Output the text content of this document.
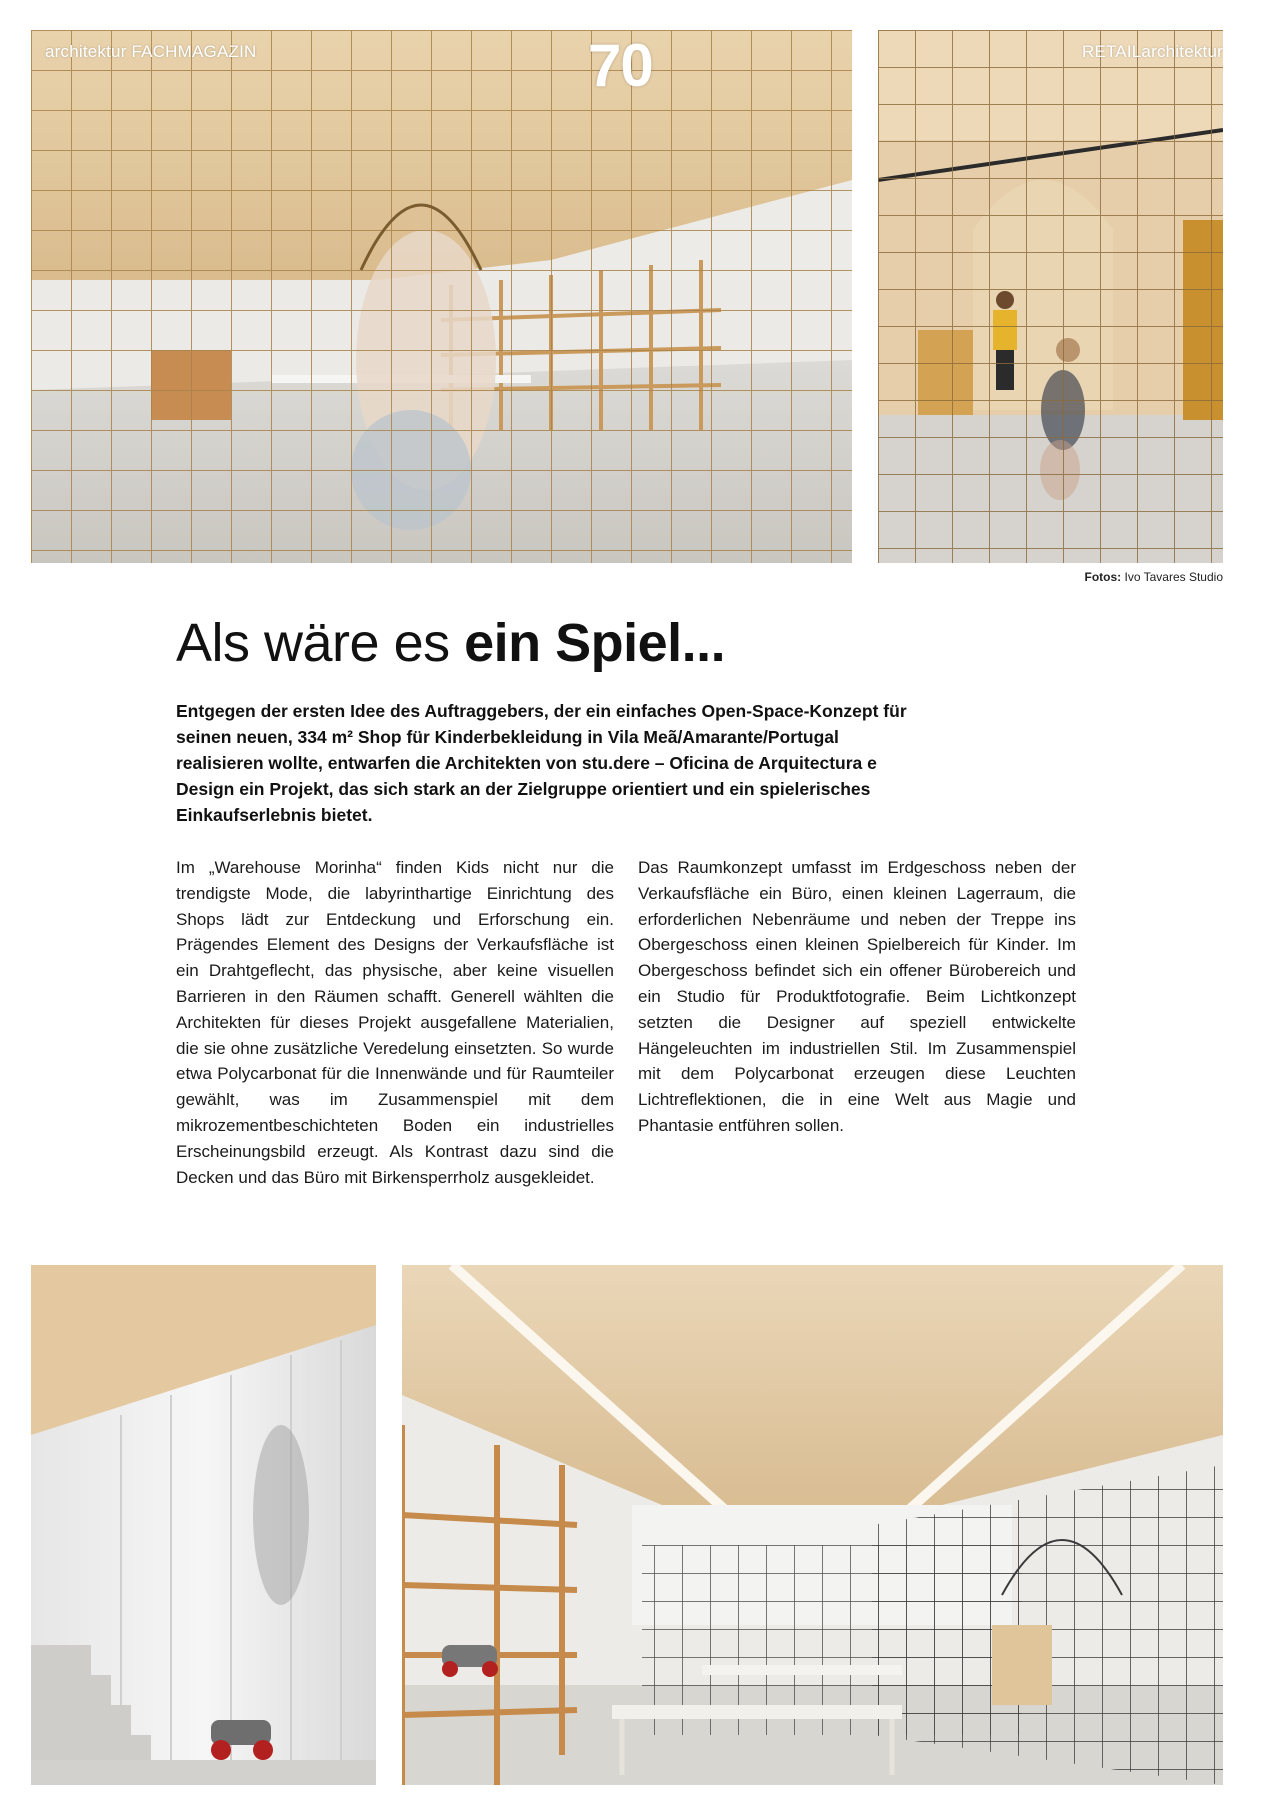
architektur FACHMAGAZIN	70	RETAILarchitektur
Fotos: Ivo Tavares Studio
Als wäre es ein Spiel...

Entgegen der ersten Idee des Auftraggebers, der ein einfaches Open-Space-Konzept für seinen neuen, 334 m² Shop für Kinderbekleidung in Vila Meã/Amarante/Portugal realisieren wollte, entwarfen die Architekten von stu.dere – Oficina de Arquitectura e Design ein Projekt, das sich stark an der Zielgruppe orientiert und ein spielerisches Einkaufserlebnis bietet.

Im „Warehouse Morinha“ finden Kids nicht nur die trendigste Mode, die labyrinthartige Einrichtung des Shops lädt zur Entdeckung und Erforschung ein. Prägendes Element des Designs der Verkaufsfläche ist ein Drahtgeflecht, das physische, aber keine visuellen Barrieren in den Räumen schafft. Generell wählten die Architekten für dieses Projekt ausgefallene Materialien, die sie ohne zusätzliche Veredelung einsetzten. So wurde etwa Polycarbonat für die Innenwände und für Raumteiler gewählt, was im Zusammenspiel mit dem mikrozementbeschichteten Boden ein industrielles Erscheinungsbild erzeugt. Als Kontrast dazu sind die Decken und das Büro mit Birkensperrholz ausgekleidet.

Das Raumkonzept umfasst im Erdgeschoss neben der Verkaufsfläche ein Büro, einen kleinen Lagerraum, die erforderlichen Nebenräume und neben der Treppe ins Obergeschoss einen kleinen Spielbereich für Kinder. Im Obergeschoss befindet sich ein offener Bürobereich und ein Studio für Produktfotografie. Beim Lichtkonzept setzten die Designer auf speziell entwickelte Hängeleuchten im industriellen Stil. Im Zusammenspiel mit dem Polycarbonat erzeugen diese Leuchten Lichtreflektionen, die in eine Welt aus Magie und Phantasie entführen sollen.
